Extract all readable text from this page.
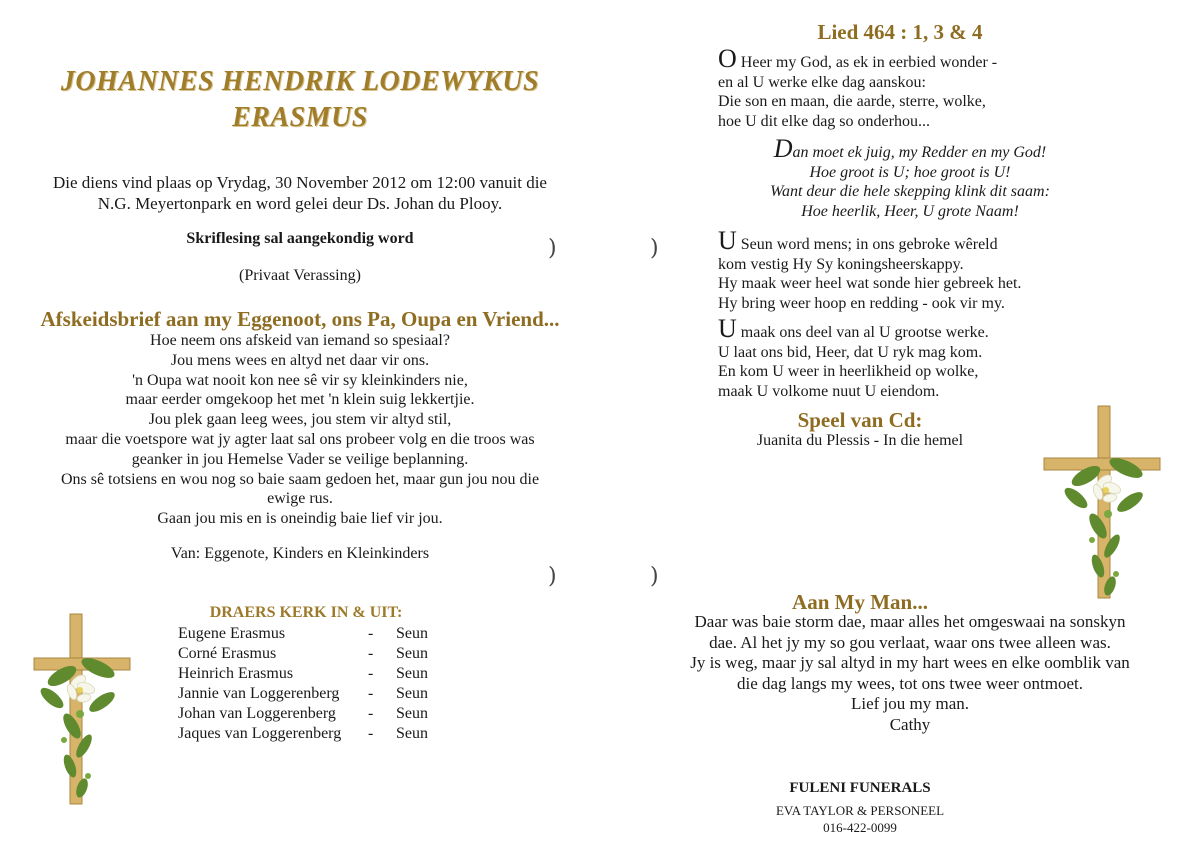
JOHANNES HENDRIK LODEWYKUS
ERASMUS
Die diens vind plaas op Vrydag, 30 November 2012 om 12:00 vanuit die
N.G. Meyertonpark en word gelei deur Ds. Johan du Plooy.
Skriflesing sal aangekondig word
(Privaat Verassing)
Afskeidsbrief aan my Eggenoot, ons Pa, Oupa en Vriend...
Hoe neem ons afskeid van iemand so spesiaal?
Jou mens wees en altyd net daar vir ons.
'n Oupa wat nooit kon nee sê vir sy kleinkinders nie,
maar eerder omgekoop het met 'n klein suig lekkertjie.
Jou plek gaan leeg wees, jou stem vir altyd stil,
maar die voetspore wat jy agter laat sal ons probeer volg en die troos was
geanker in jou Hemelse Vader se veilige beplanning.
Ons sê totsiens en wou nog so baie saam gedoen het, maar gun jou nou die
ewige rus.
Gaan jou mis en is oneindig baie lief vir jou.
Van: Eggenote, Kinders en Kleinkinders
DRAERS KERK IN & UIT:
Eugene Erasmus	-	Seun
Corné Erasmus	-	Seun
Heinrich Erasmus	-	Seun
Jannie van Loggerenberg	-	Seun
Johan van Loggerenberg	-	Seun
Jaques van Loggerenberg	-	Seun
)
)
Lied 464 : 1, 3 & 4
O Heer my God, as ek in eerbied wonder -
en al U werke elke dag aanskou:
Die son en maan, die aarde, sterre, wolke,
hoe U dit elke dag so onderhou...
Dan moet ek juig, my Redder en my God!
Hoe groot is U; hoe groot is U!
Want deur die hele skepping klink dit saam:
Hoe heerlik, Heer, U grote Naam!
U Seun word mens; in ons gebroke wêreld
kom vestig Hy Sy koningsheerskappy.
Hy maak weer heel wat sonde hier gebreek het.
Hy bring weer hoop en redding - ook vir my.
U maak ons deel van al U grootse werke.
U laat ons bid, Heer, dat U ryk mag kom.
En kom U weer in heerlikheid op wolke,
maak U volkome nuut U eiendom.
Speel van Cd:
Juanita du Plessis - In die hemel
Aan My Man...
Daar was baie storm dae, maar alles het omgeswaai na sonskyn
dae. Al het jy my so gou verlaat, waar ons twee alleen was.
Jy is weg, maar jy sal altyd in my hart wees en elke oomblik van
die dag langs my wees, tot ons twee weer ontmoet.
Lief jou my man.
Cathy
FULENI FUNERALS
EVA TAYLOR & PERSONEEL
016-422-0099
)
)
